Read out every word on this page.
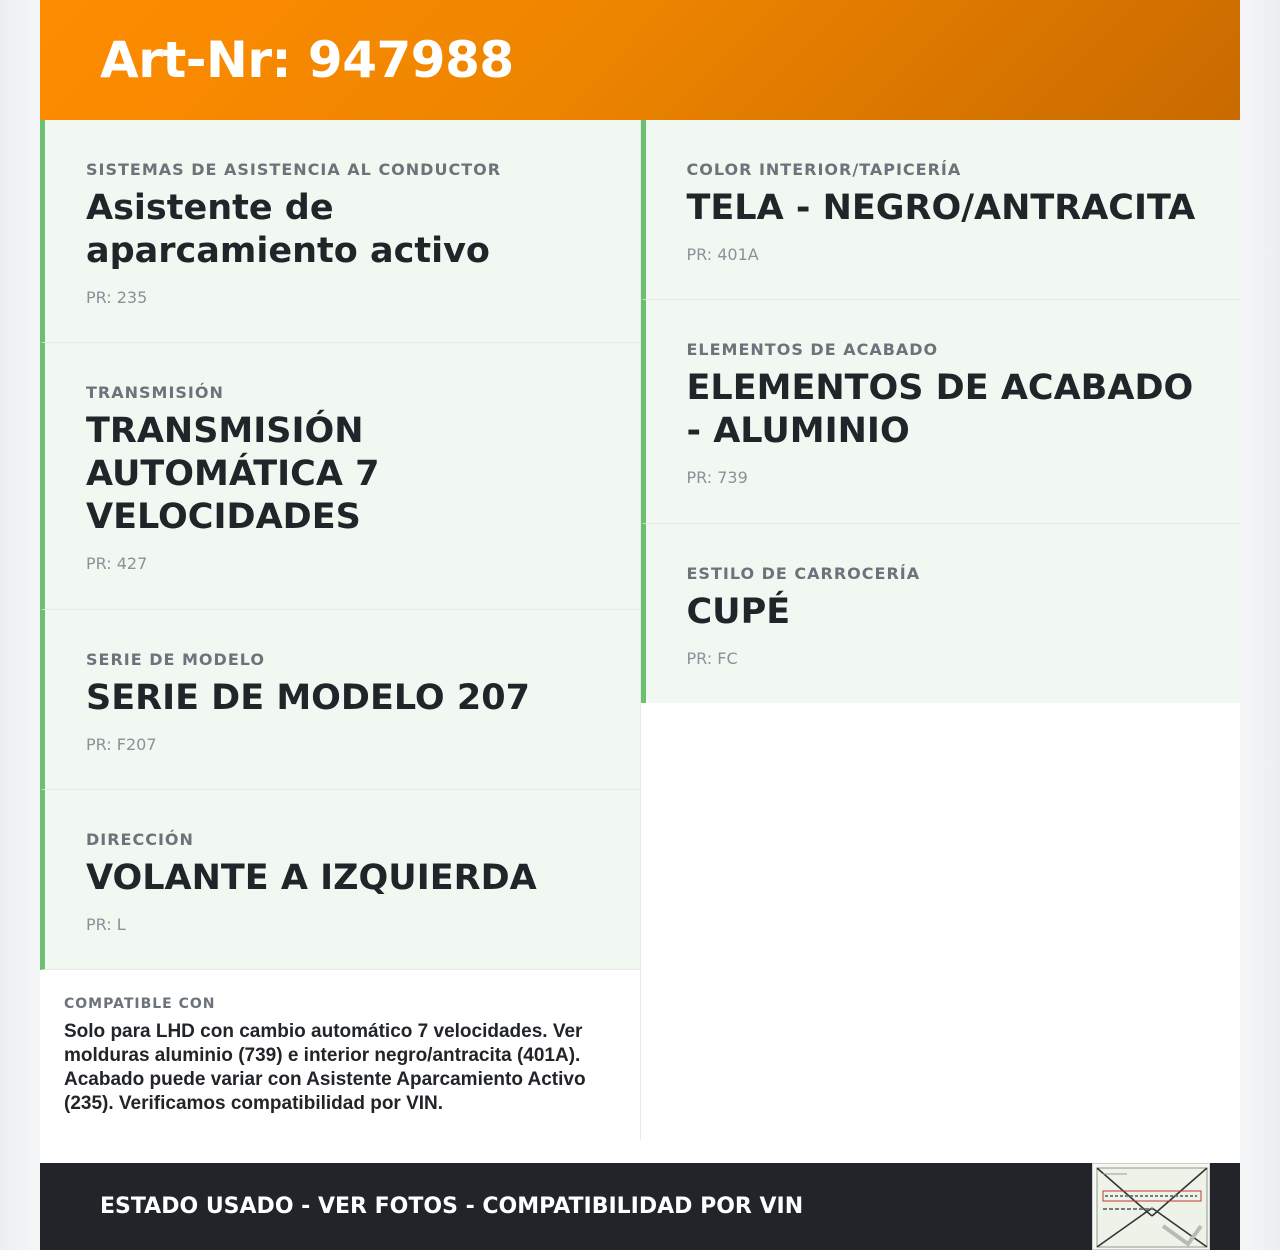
Art-Nr: 947988
SISTEMAS DE ASISTENCIA AL CONDUCTOR
Asistente de aparcamiento activo
PR: 235
TRANSMISIÓN
TRANSMISIÓN AUTOMÁTICA 7 VELOCIDADES
PR: 427
SERIE DE MODELO
SERIE DE MODELO 207
PR: F207
DIRECCIÓN
VOLANTE A IZQUIERDA
PR: L
COMPATIBLE CON

Solo para LHD con cambio automático 7 velocidades. Ver molduras aluminio (739) e interior negro/antracita (401A). Acabado puede variar con Asistente Aparcamiento Activo (235). Verificamos compatibilidad por VIN.

COLOR INTERIOR/TAPICERÍA
TELA - NEGRO/ANTRACITA
PR: 401A
ELEMENTOS DE ACABADO
ELEMENTOS DE ACABADO - ALUMINIO
PR: 739
ESTILO DE CARROCERÍA
CUPÉ
PR: FC
ESTADO USADO - VER FOTOS - COMPATIBILIDAD POR VIN
